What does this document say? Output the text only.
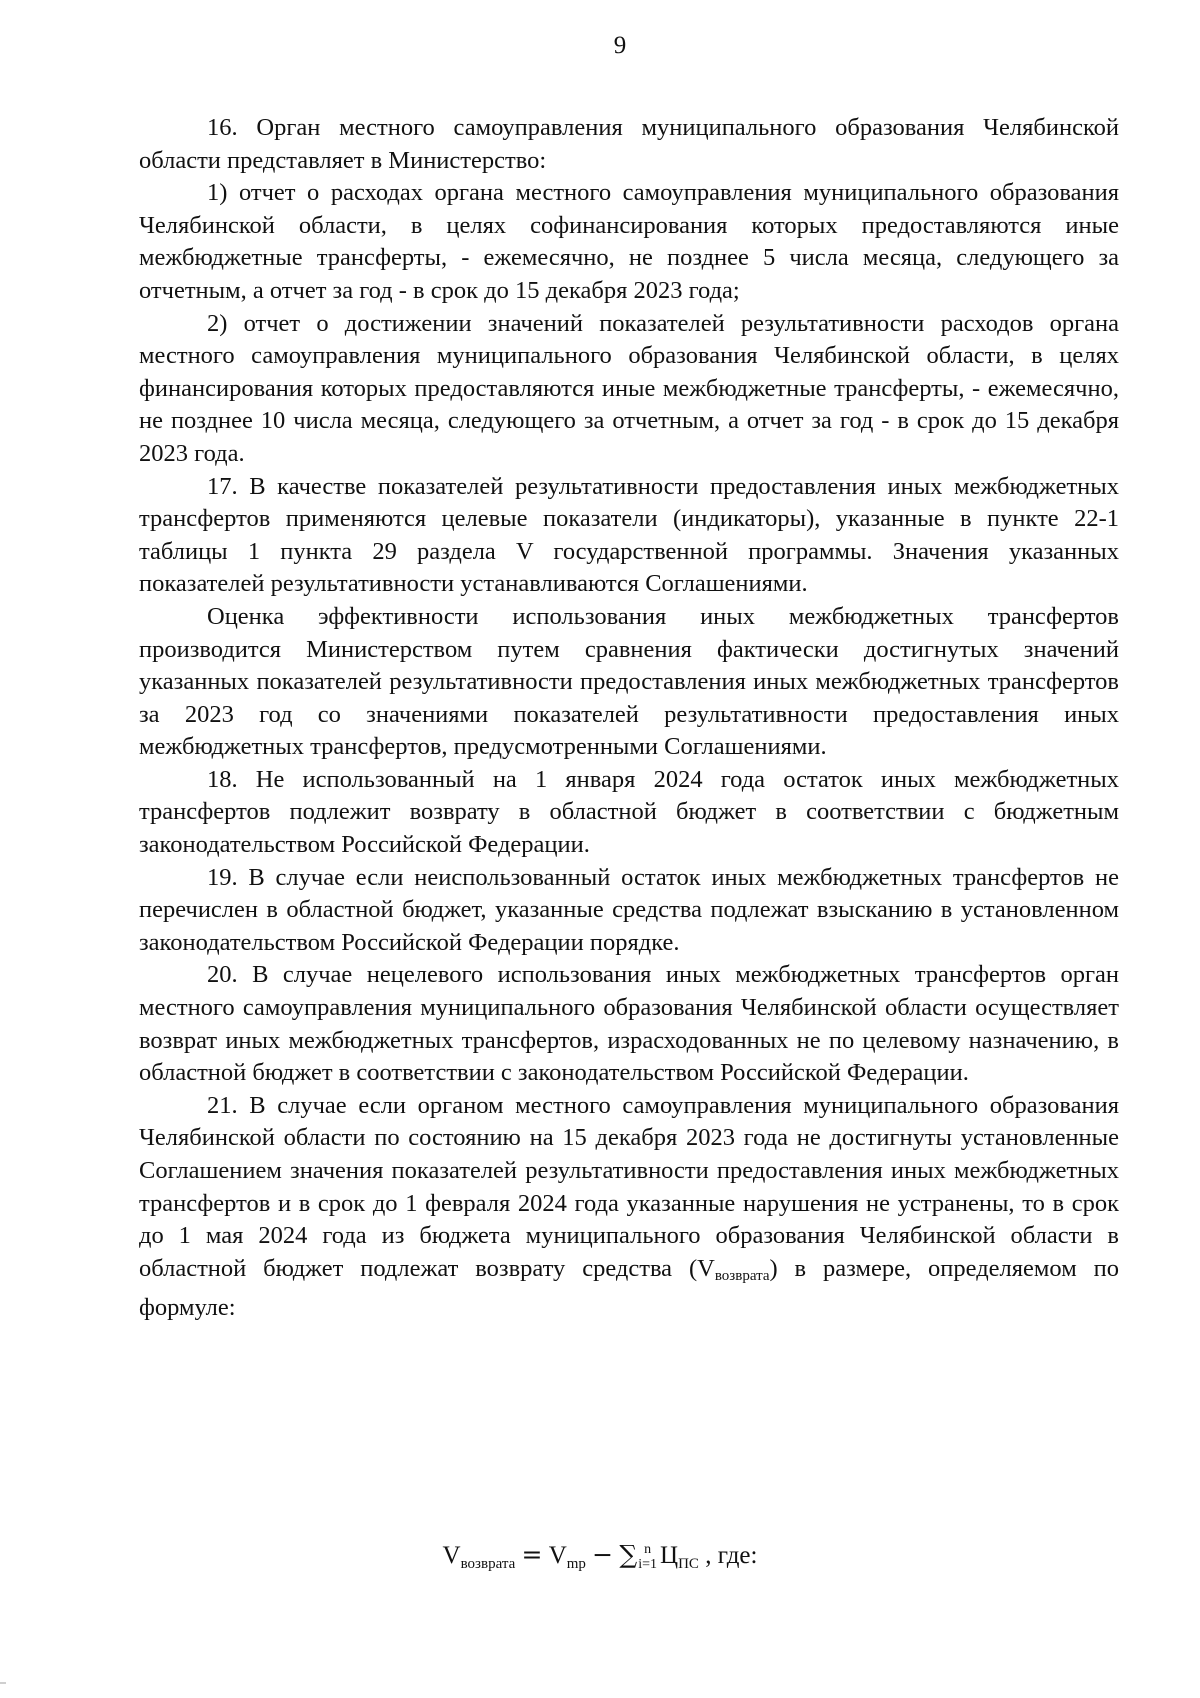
9

16. Орган местного самоуправления муниципального образования Челябинской области представляет в Министерство:

1) отчет о расходах органа местного самоуправления муниципального образования Челябинской области, в целях софинансирования которых предоставляются иные межбюджетные трансферты, - ежемесячно, не позднее 5 числа месяца, следующего за отчетным, а отчет за год - в срок до 15 декабря 2023 года;

2) отчет о достижении значений показателей результативности расходов органа местного самоуправления муниципального образования Челябинской области, в целях финансирования которых предоставляются иные межбюджетные трансферты, - ежемесячно, не позднее 10 числа месяца, следующего за отчетным, а отчет за год - в срок до 15 декабря 2023 года.

17. В качестве показателей результативности предоставления иных межбюджетных трансфертов применяются целевые показатели (индикаторы), указанные в пункте 22-1 таблицы 1 пункта 29 раздела V государственной программы. Значения указанных показателей результативности устанавливаются Соглашениями.

Оценка эффективности использования иных межбюджетных трансфертов производится Министерством путем сравнения фактически достигнутых значений указанных показателей результативности предоставления иных межбюджетных трансфертов за 2023 год со значениями показателей результативности предоставления иных межбюджетных трансфертов, предусмотренными Соглашениями.

18. Не использованный на 1 января 2024 года остаток иных межбюджетных трансфертов подлежит возврату в областной бюджет в соответствии с бюджетным законодательством Российской Федерации.

19. В случае если неиспользованный остаток иных межбюджетных трансфертов не перечислен в областной бюджет, указанные средства подлежат взысканию в установленном законодательством Российской Федерации порядке.

20. В случае нецелевого использования иных межбюджетных трансфертов орган местного самоуправления муниципального образования Челябинской области осуществляет возврат иных межбюджетных трансфертов, израсходованных не по целевому назначению, в областной бюджет в соответствии с законодательством Российской Федерации.

21. В случае если органом местного самоуправления муниципального образования Челябинской области по состоянию на 15 декабря 2023 года не достигнуты установленные Соглашением значения показателей результативности предоставления иных межбюджетных трансфертов и в срок до 1 февраля 2024 года указанные нарушения не устранены, то в срок до 1 мая 2024 года из бюджета муниципального образования Челябинской области в областной бюджет подлежат возврату средства $(V_{возврата})$ в размере, определяемом по формуле:

$V_{возврата} = V_{mp}$ − ∑ n
i=1 $Ц_{ПС}$ , где:
